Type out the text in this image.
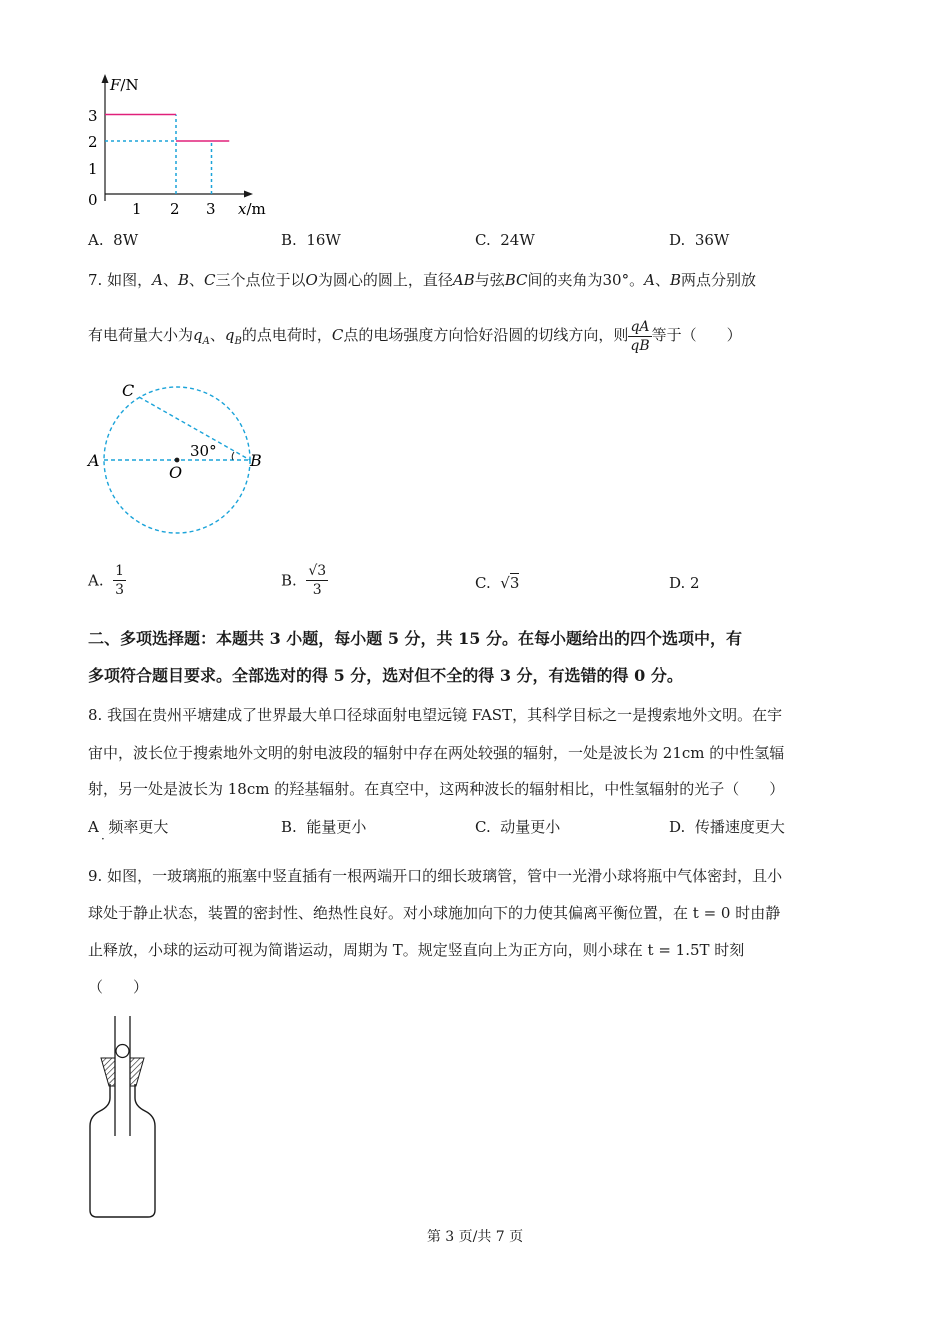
F/N
x/m
3
2
1
0 1 2 3
A. 8W	B. 16W	C. 24W	D. 36W
7. 如图，A、B、C三个点位于以O为圆心的圆上，直径AB与弦BC间的夹角为30°。A、B两点分别放
有电荷量大小为$q_A$、$q_B$的点电荷时，C点的电场强度方向恰好沿圆的切线方向，则 $\frac{qA}{qB}$ 等于（　　）
C
A
O
B
30°
A. $\frac{1}{3}$	B. $\frac{√3}{3}$	C.  √3	D. 2
二、多项选择题：本题共 3 小题，每小题 5 分，共 15 分。在每小题给出的四个选项中，有
多项符合题目要求。全部选对的得 5 分，选对但不全的得 3 分，有选错的得 0 分。
8. 我国在贵州平塘建成了世界最大单口径球面射电望远镜 FAST，其科学目标之一是搜索地外文明。在宇
宙中，波长位于搜索地外文明的射电波段的辐射中存在两处较强的辐射，一处是波长为 21cm 的中性氢辐
射，另一处是波长为 18cm 的羟基辐射。在真空中，这两种波长的辐射相比，中性氢辐射的光子（　　）
A 频率更大
·
B. 能量更小	C. 动量更小	D. 传播速度更大
9. 如图，一玻璃瓶的瓶塞中竖直插有一根两端开口的细长玻璃管，管中一光滑小球将瓶中气体密封，且小
球处于静止状态，装置的密封性、绝热性良好。对小球施加向下的力使其偏离平衡位置，在 t = 0 时由静
止释放，小球的运动可视为简谐运动，周期为 T。规定竖直向上为正方向，则小球在 t = 1.5T 时刻
（　　）
第 3 页/共 7 页
